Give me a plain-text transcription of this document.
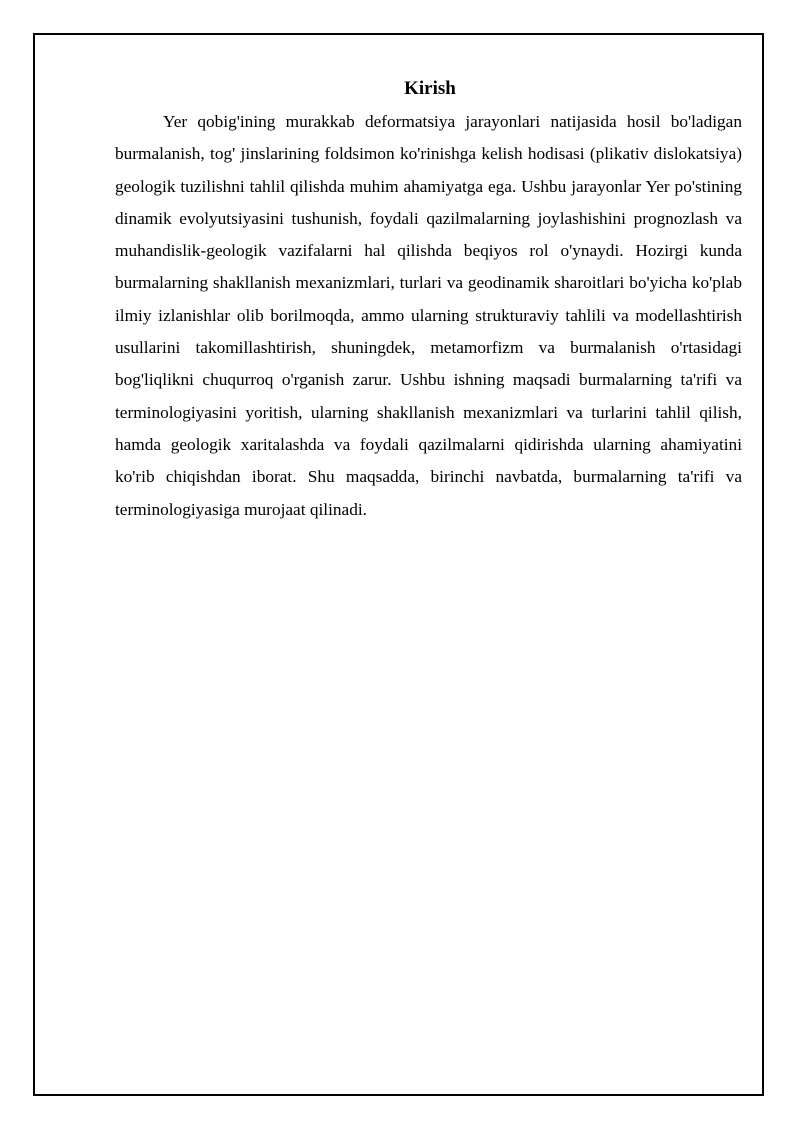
Kirish

Yer qobig'ining murakkab deformatsiya jarayonlari natijasida hosil bo'ladigan burmalanish, tog' jinslarining foldsimon ko'rinishga kelish hodisasi (plikativ dislokatsiya) geologik tuzilishni tahlil qilishda muhim ahamiyatga ega. Ushbu jarayonlar Yer po'stining dinamik evolyutsiyasini tushunish, foydali qazilmalarning joylashishini prognozlash va muhandislik-geologik vazifalarni hal qilishda beqiyos rol o'ynaydi. Hozirgi kunda burmalarning shakllanish mexanizmlari, turlari va geodinamik sharoitlari bo'yicha ko'plab ilmiy izlanishlar olib borilmoqda, ammo ularning strukturaviy tahlili va modellashtirish usullarini takomillashtirish, shuningdek, metamorfizm va burmalanish o'rtasidagi bog'liqlikni chuqurroq o'rganish zarur. Ushbu ishning maqsadi burmalarning ta'rifi va terminologiyasini yoritish, ularning shakllanish mexanizmlari va turlarini tahlil qilish, hamda geologik xaritalashda va foydali qazilmalarni qidirishda ularning ahamiyatini ko'rib chiqishdan iborat. Shu maqsadda, birinchi navbatda, burmalarning ta'rifi va terminologiyasiga murojaat qilinadi.
